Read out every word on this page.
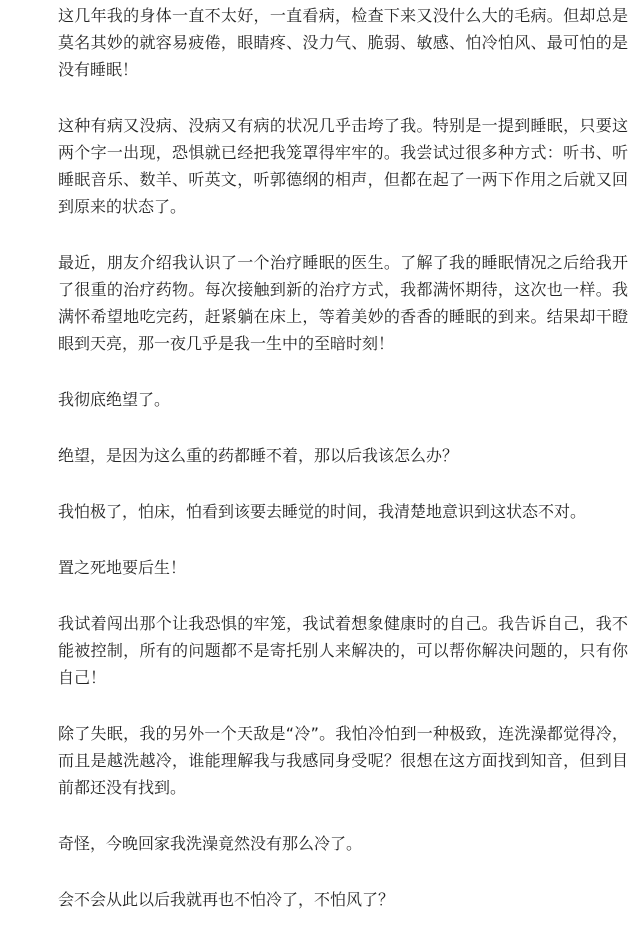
这几年我的身体一直不太好，一直看病，检查下来又没什么大的毛病。但却总是莫名其妙的就容易疲倦，眼睛疼、没力气、脆弱、敏感、怕冷怕风、最可怕的是没有睡眠！

这种有病又没病、没病又有病的状况几乎击垮了我。特别是一提到睡眠，只要这两个字一出现，恐惧就已经把我笼罩得牢牢的。我尝试过很多种方式：听书、听睡眠音乐、数羊、听英文，听郭德纲的相声，但都在起了一两下作用之后就又回到原来的状态了。

最近，朋友介绍我认识了一个治疗睡眠的医生。了解了我的睡眠情况之后给我开了很重的治疗药物。每次接触到新的治疗方式，我都满怀期待，这次也一样。我满怀希望地吃完药，赶紧躺在床上，等着美妙的香香的睡眠的到来。结果却干瞪眼到天亮，那一夜几乎是我一生中的至暗时刻！

我彻底绝望了。

绝望，是因为这么重的药都睡不着，那以后我该怎么办？

我怕极了，怕床，怕看到该要去睡觉的时间，我清楚地意识到这状态不对。

置之死地要后生！

我试着闯出那个让我恐惧的牢笼，我试着想象健康时的自己。我告诉自己，我不能被控制，所有的问题都不是寄托别人来解决的，可以帮你解决问题的，只有你自己！

除了失眠，我的另外一个天敌是“冷”。我怕冷怕到一种极致，连洗澡都觉得冷，而且是越洗越冷，谁能理解我与我感同身受呢？很想在这方面找到知音，但到目前都还没有找到。

奇怪，今晚回家我洗澡竟然没有那么冷了。

会不会从此以后我就再也不怕冷了，不怕风了？
